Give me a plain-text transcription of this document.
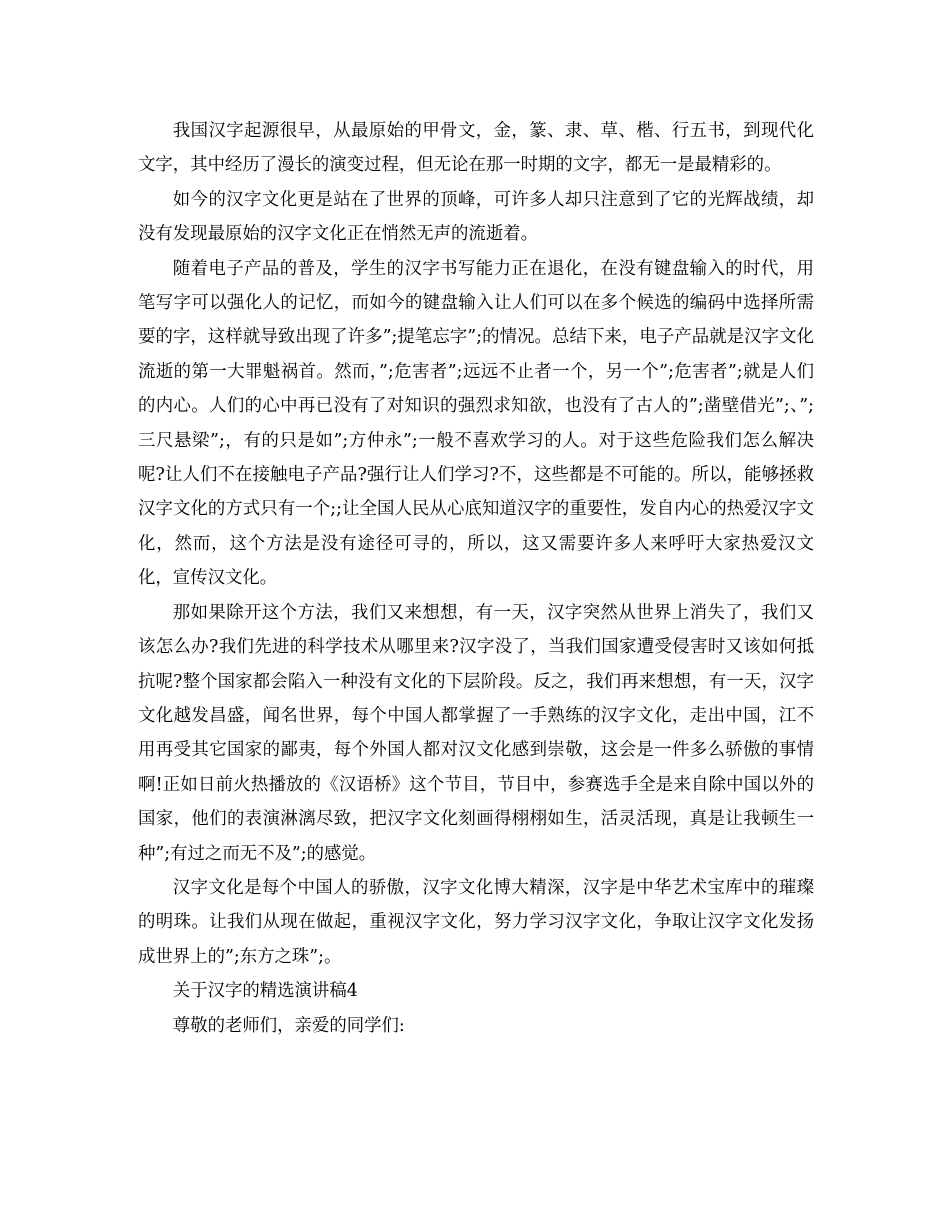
我国汉字起源很早，从最原始的甲骨文，金，篆、隶、草、楷、行五书，到现代化文字，其中经历了漫长的演变过程，但无论在那一时期的文字，都无一是最精彩的。

如今的汉字文化更是站在了世界的顶峰，可许多人却只注意到了它的光辉战绩，却没有发现最原始的汉字文化正在悄然无声的流逝着。

随着电子产品的普及，学生的汉字书写能力正在退化，在没有键盘输入的时代，用笔写字可以强化人的记忆，而如今的键盘输入让人们可以在多个候选的编码中选择所需要的字，这样就导致出现了许多”;提笔忘字”;的情况。总结下来，电子产品就是汉字文化流逝的第一大罪魁祸首。然而，”;危害者”;远远不止者一个，另一个”;危害者”;就是人们的内心。人们的心中再已没有了对知识的强烈求知欲，也没有了古人的”;凿壁借光”;、”;三尺悬梁”;，有的只是如”;方仲永”;一般不喜欢学习的人。对于这些危险我们怎么解决呢?让人们不在接触电子产品?强行让人们学习?不，这些都是不可能的。所以，能够拯救汉字文化的方式只有一个;;让全国人民从心底知道汉字的重要性，发自内心的热爱汉字文化，然而，这个方法是没有途径可寻的，所以，这又需要许多人来呼吁大家热爱汉文化，宣传汉文化。

那如果除开这个方法，我们又来想想，有一天，汉字突然从世界上消失了，我们又该怎么办?我们先进的科学技术从哪里来?汉字没了，当我们国家遭受侵害时又该如何抵抗呢?整个国家都会陷入一种没有文化的下层阶段。反之，我们再来想想，有一天，汉字文化越发昌盛，闻名世界，每个中国人都掌握了一手熟练的汉字文化，走出中国，江不用再受其它国家的鄙夷，每个外国人都对汉文化感到崇敬，这会是一件多么骄傲的事情啊!正如日前火热播放的《汉语桥》这个节目，节目中，参赛选手全是来自除中国以外的国家，他们的表演淋漓尽致，把汉字文化刻画得栩栩如生，活灵活现，真是让我顿生一种”;有过之而无不及”;的感觉。

汉字文化是每个中国人的骄傲，汉字文化博大精深，汉字是中华艺术宝库中的璀璨的明珠。让我们从现在做起，重视汉字文化，努力学习汉字文化，争取让汉字文化发扬成世界上的”;东方之珠”;。

关于汉字的精选演讲稿4

尊敬的老师们，亲爱的同学们:
